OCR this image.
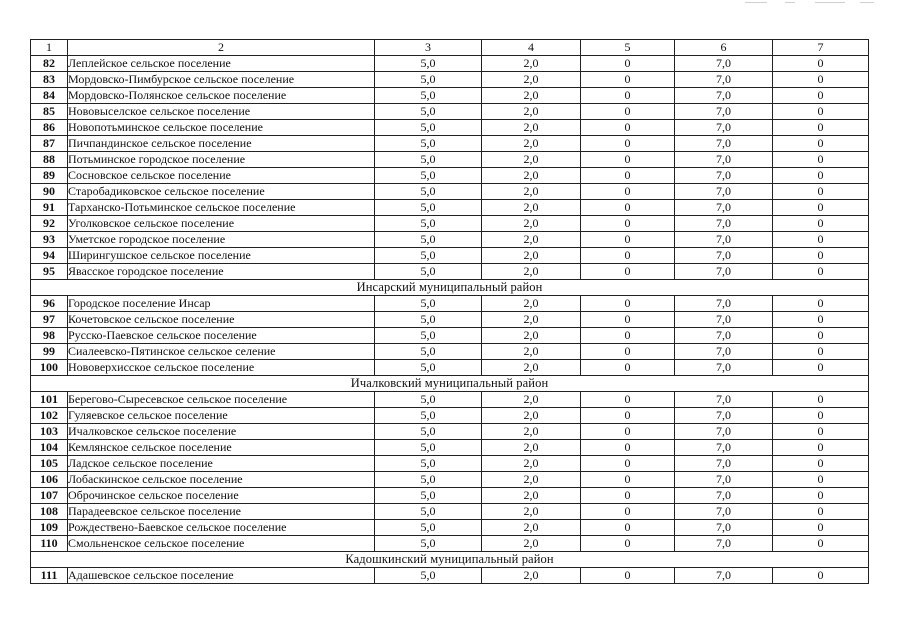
1	2	3	4	5	6	7
82	Леплейское сельское поселение	5,0	2,0	0	7,0	0
83	Мордовско-Пимбурское сельское поселение	5,0	2,0	0	7,0	0
84	Мордовско-Полянское сельское поселение	5,0	2,0	0	7,0	0
85	Нововыселское сельское поселение	5,0	2,0	0	7,0	0
86	Новопотьминское сельское поселение	5,0	2,0	0	7,0	0
87	Пичпандинское сельское поселение	5,0	2,0	0	7,0	0
88	Потьминское городское поселение	5,0	2,0	0	7,0	0
89	Сосновское сельское поселение	5,0	2,0	0	7,0	0
90	Старобадиковское сельское поселение	5,0	2,0	0	7,0	0
91	Тарханско-Потьминское сельское поселение	5,0	2,0	0	7,0	0
92	Уголковское сельское поселение	5,0	2,0	0	7,0	0
93	Уметское городское поселение	5,0	2,0	0	7,0	0
94	Ширингушское сельское поселение	5,0	2,0	0	7,0	0
95	Явасское городское поселение	5,0	2,0	0	7,0	0
Инсарский муниципальный район						
96	Городское поселение Инсар	5,0	2,0	0	7,0	0
97	Кочетовское сельское поселение	5,0	2,0	0	7,0	0
98	Русско-Паевское сельское поселение	5,0	2,0	0	7,0	0
99	Сиалеевско-Пятинское сельское селение	5,0	2,0	0	7,0	0
100	Нововерхисское сельское поселение	5,0	2,0	0	7,0	0
Ичалковский муниципальный район						
101	Берегово-Сыресевское сельское поселение	5,0	2,0	0	7,0	0
102	Гуляевское сельское поселение	5,0	2,0	0	7,0	0
103	Ичалковское сельское поселение	5,0	2,0	0	7,0	0
104	Кемлянское сельское поселение	5,0	2,0	0	7,0	0
105	Ладское сельское поселение	5,0	2,0	0	7,0	0
106	Лобаскинское сельское поселение	5,0	2,0	0	7,0	0
107	Оброчинское сельское поселение	5,0	2,0	0	7,0	0
108	Парадеевское сельское поселение	5,0	2,0	0	7,0	0
109	Рождествено-Баевское сельское поселение	5,0	2,0	0	7,0	0
110	Смольненское сельское поселение	5,0	2,0	0	7,0	0
Кадошкинский муниципальный район						
111	Адашевское сельское поселение	5,0	2,0	0	7,0	0
